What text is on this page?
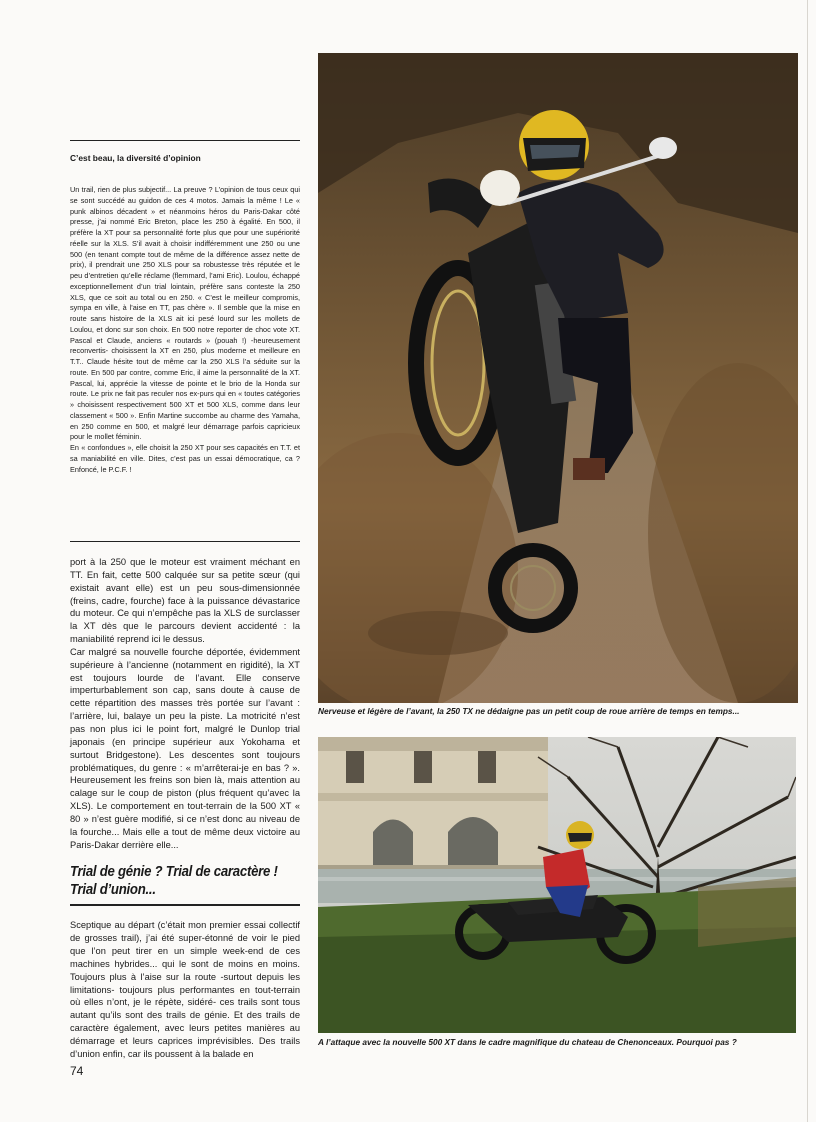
C’est beau, la diversité d’opinion

Un trail, rien de plus subjectif... La preuve ? L’opinion de tous ceux qui se sont succédé au guidon de ces 4 motos. Jamais la même ! Le « punk albinos décadent » et néanmoins héros du Paris-Dakar côté presse, j’ai nommé Eric Breton, place les 250 à égalité. En 500, il préfère la XT pour sa personnalité forte plus que pour une supériorité réelle sur la XLS. S’il avait à choisir indifféremment une 250 ou une 500 (en tenant compte tout de même de la différence assez nette de prix), il prendrait une 250 XLS pour sa robustesse très réputée et le peu d’entretien qu’elle réclame (flemmard, l’ami Eric). Loulou, échappé exceptionnellement d’un trial lointain, préfère sans conteste la 250 XLS, que ce soit au total ou en 250. « C’est le meilleur compromis, sympa en ville, à l’aise en TT, pas chère ». Il semble que la mise en route sans histoire de la XLS ait ici pesé lourd sur les mollets de Loulou, et donc sur son choix. En 500 notre reporter de choc vote XT. Pascal et Claude, anciens « routards » (pouah !) -heureusement reconvertis- choisissent la XT en 250, plus moderne et meilleure en T.T.. Claude hésite tout de même car la 250 XLS l’a séduite sur la route. En 500 par contre, comme Eric, il aime la personnalité de la XT. Pascal, lui, apprécie la vitesse de pointe et le brio de la Honda sur route. Le prix ne fait pas reculer nos ex-purs qui en « toutes catégories » choisissent respectivement 500 XT et 500 XLS, comme dans leur classement « 500 ». Enfin Martine succombe au charme des Yamaha, en 250 comme en 500, et malgré leur démarrage parfois capricieux pour le mollet féminin.

En « confondues », elle choisit la 250 XT pour ses capacités en T.T. et sa maniabilité en ville. Dites, c’est pas un essai démocratique, ca ? Enfoncé, le P.C.F. !

port à la 250 que le moteur est vraiment méchant en TT. En fait, cette 500 calquée sur sa petite sœur (qui existait avant elle) est un peu sous-dimensionnée (freins, cadre, fourche) face à la puissance dévastarice du moteur. Ce qui n’empêche pas la XLS de surclasser la XT dès que le parcours devient accidenté : la maniabilité reprend ici le dessus.

Car malgré sa nouvelle fourche déportée, évidemment supérieure à l’ancienne (notamment en rigidité), la XT est toujours lourde de l’avant. Elle conserve imperturbablement son cap, sans doute à cause de cette répartition des masses très portée sur l’avant : l’arrière, lui, balaye un peu la piste. La motricité n’est pas non plus ici le point fort, malgré le Dunlop trial japonais (en principe supérieur aux Yokohama et surtout Bridgestone). Les descentes sont toujours problématiques, du genre : « m’arrêterai-je en bas ? ». Heureusement les freins son bien là, mais attention au calage sur le coup de piston (plus fréquent qu’avec la XLS). Le comportement en tout-terrain de la 500 XT « 80 » n’est guère modifié, si ce n’est donc au niveau de la fourche... Mais elle a tout de même deux victoire au Paris-Dakar derrière elle...

Trial de génie ? Trial de caractère !
Trial d’union...

Sceptique au départ (c’était mon premier essai collectif de grosses trail), j’ai été super-étonné de voir le pied que l’on peut tirer en un simple week-end de ces machines hybrides... qui le sont de moins en moins. Toujours plus à l’aise sur la route -surtout depuis les limitations- toujours plus performantes en tout-terrain où elles n’ont, je le répète, sidéré- ces trails sont tous autant qu’ils sont des trails de génie. Et des trails de caractère également, avec leurs petites manières au démarrage et leurs caprices imprévisibles. Des trails d’union enfin, car ils poussent à la balade en

74
Nerveuse et légère de l’avant, la 250 TX ne dédaigne pas un petit coup de roue arrière de temps en temps...
A l’attaque avec la nouvelle 500 XT dans le cadre magnifique du chateau de Chenonceaux. Pourquoi pas ?
